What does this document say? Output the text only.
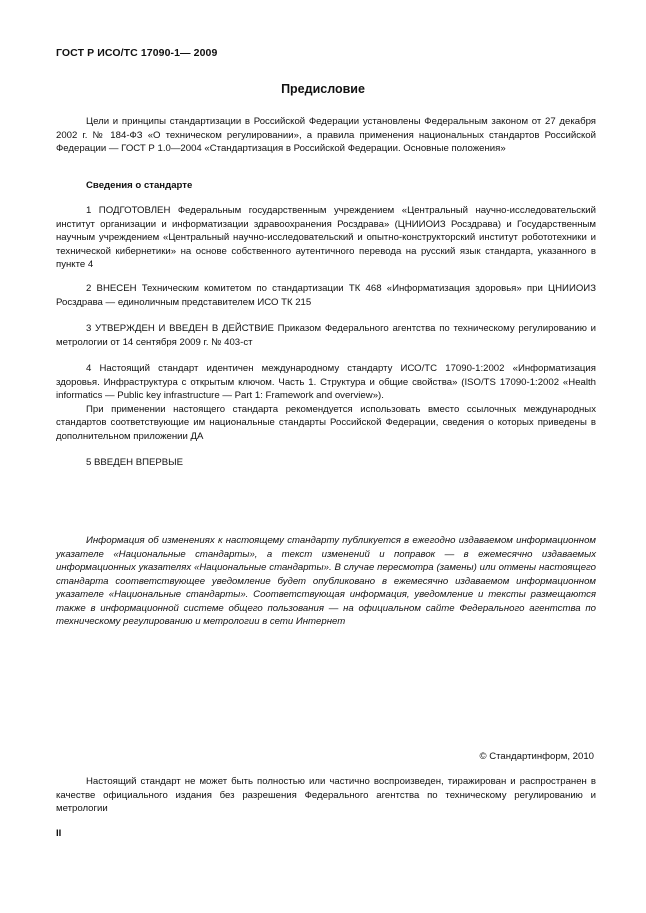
ГОСТ Р ИСО/ТС 17090-1— 2009
Предисловие

Цели и принципы стандартизации в Российской Федерации установлены Федеральным законом от 27 декабря 2002 г. № 184-ФЗ «О техническом регулировании», а правила применения национальных стандартов Российской Федерации — ГОСТ Р 1.0—2004 «Стандартизация в Российской Федерации. Основные положения»

Сведения о стандарте

1 ПОДГОТОВЛЕН Федеральным государственным учреждением «Центральный научно-исследовательский институт организации и информатизации здравоохранения Росздрава» (ЦНИИОИЗ Росздрава) и Государственным научным учреждением «Центральный научно-исследовательский и опытно-конструкторский институт робототехники и технической кибернетики» на основе собственного аутентичного перевода на русский язык стандарта, указанного в пункте 4

2 ВНЕСЕН Техническим комитетом по стандартизации ТК 468 «Информатизация здоровья» при ЦНИИОИЗ Росздрава — единоличным представителем ИСО ТК 215

3 УТВЕРЖДЕН И ВВЕДЕН В ДЕЙСТВИЕ Приказом Федерального агентства по техническому регулированию и метрологии от 14 сентября 2009 г. № 403-ст

4 Настоящий стандарт идентичен международному стандарту ИСО/ТС 17090-1:2002 «Информатизация здоровья. Инфраструктура с открытым ключом. Часть 1. Структура и общие свойства» (ISO/TS 17090-1:2002 «Health informatics — Public key infrastructure — Part 1: Framework and overview»).

При применении настоящего стандарта рекомендуется использовать вместо ссылочных международных стандартов соответствующие им национальные стандарты Российской Федерации, сведения о которых приведены в дополнительном приложении ДА

5 ВВЕДЕН ВПЕРВЫЕ

Информация об изменениях к настоящему стандарту публикуется в ежегодно издаваемом информационном указателе «Национальные стандарты», а текст изменений и поправок — в ежемесячно издаваемых информационных указателях «Национальные стандарты». В случае пересмотра (замены) или отмены настоящего стандарта соответствующее уведомление будет опубликовано в ежемесячно издаваемом информационном указателе «Национальные стандарты». Соответствующая информация, уведомление и тексты размещаются также в информационной системе общего пользования — на официальном сайте Федерального агентства по техническому регулированию и метрологии в сети Интернет

© Стандартинформ, 2010

Настоящий стандарт не может быть полностью или частично воспроизведен, тиражирован и распространен в качестве официального издания без разрешения Федерального агентства по техническому регулированию и метрологии

II
